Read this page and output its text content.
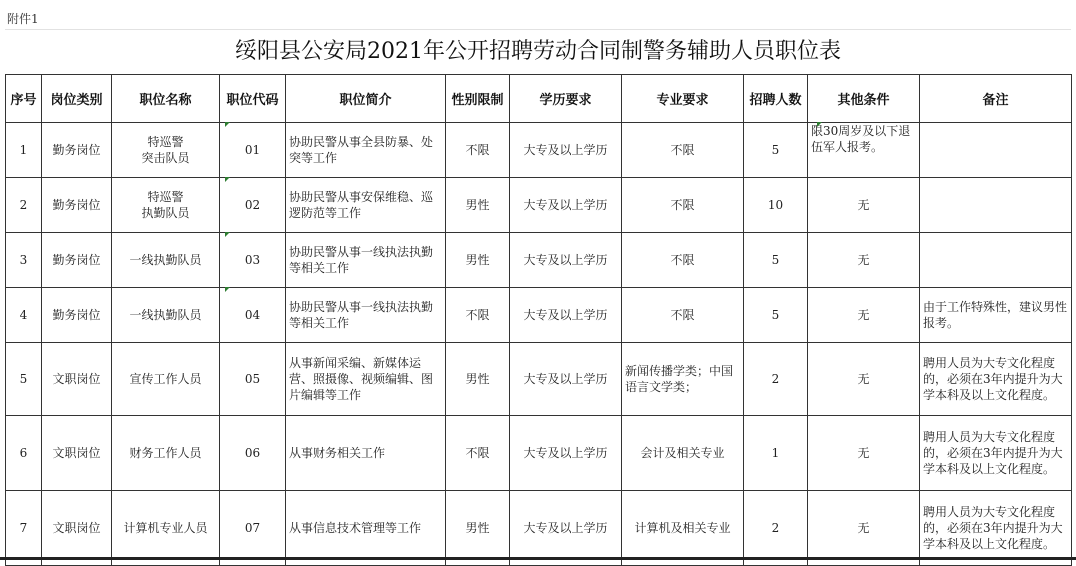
附件1
绥阳县公安局2021年公开招聘劳动合同制警务辅助人员职位表
序号	岗位类别	职位名称	职位代码	职位简介	性别限制	学历要求	专业要求	招聘人数	其他条件	备注
1	勤务岗位	特巡警
突击队员	01	协助民警从事全县防暴、处突等工作	不限	大专及以上学历	不限	5	限30周岁及以下退伍军人报考。	
2	勤务岗位	特巡警
执勤队员	02	协助民警从事安保维稳、巡逻防范等工作	男性	大专及以上学历	不限	10	无	
3	勤务岗位	一线执勤队员	03	协助民警从事一线执法执勤等相关工作	男性	大专及以上学历	不限	5	无	
4	勤务岗位	一线执勤队员	04	协助民警从事一线执法执勤等相关工作	不限	大专及以上学历	不限	5	无	由于工作特殊性，建议男性报考。
5	文职岗位	宣传工作人员	05	从事新闻采编、新媒体运营、照摄像、视频编辑、图片编辑等工作	男性	大专及以上学历	新闻传播学类；中国语言文学类；	2	无	聘用人员为大专文化程度的，必须在3年内提升为大学本科及以上文化程度。
6	文职岗位	财务工作人员	06	从事财务相关工作	不限	大专及以上学历	会计及相关专业	1	无	聘用人员为大专文化程度的，必须在3年内提升为大学本科及以上文化程度。
7	文职岗位	计算机专业人员	07	从事信息技术管理等工作	男性	大专及以上学历	计算机及相关专业	2	无	聘用人员为大专文化程度的，必须在3年内提升为大学本科及以上文化程度。
